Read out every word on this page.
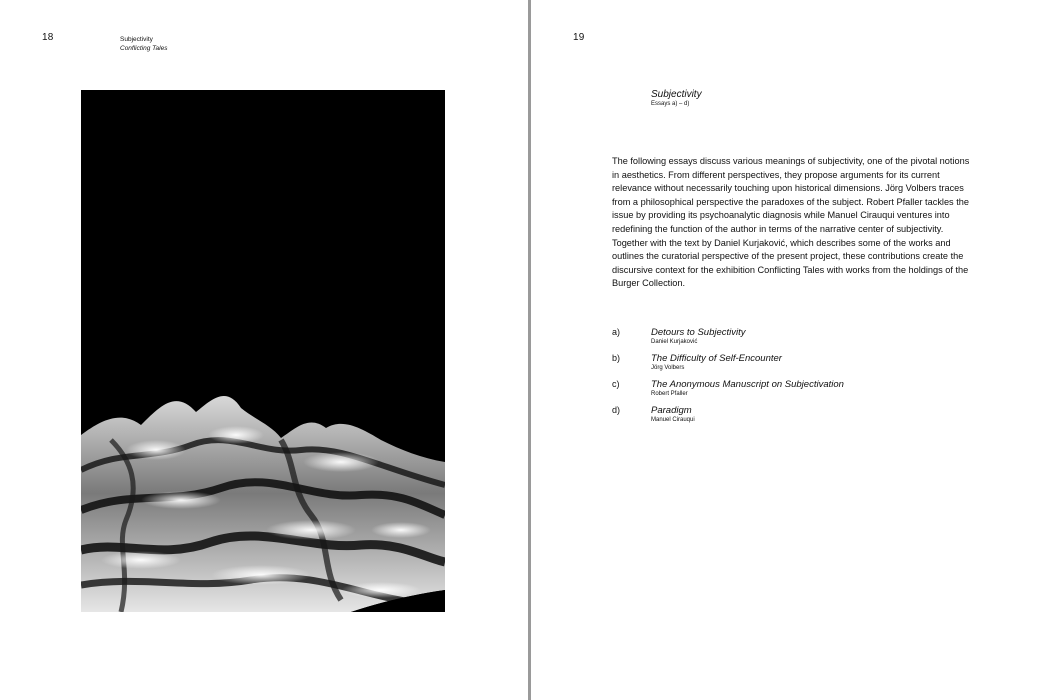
18	Subjectivity
Conflicting Tales
19
Subjectivity
Essays a) – d)

The following essays discuss various meanings of subjectivity, one of the pivotal notions in aesthetics. From different perspectives, they propose arguments for its current relevance without necessarily touching upon historical dimensions. Jörg Volbers traces from a philosophical perspective the paradoxes of the subject. Robert Pfaller tackles the issue by providing its psychoanalytic diagnosis while Manuel Cirauqui ventures into redefining the function of the author in terms of the narrative center of subjectivity. Together with the text by Daniel Kurjaković, which describes some of the works and outlines the curatorial perspective of the present project, these contributions create the discursive context for the exhibition Conflicting Tales with works from the holdings of the Burger Collection.

a)	Detours to Subjectivity
Daniel Kurjaković
b)	The Difficulty of Self-Encounter
Jörg Volbers
c)	The Anonymous Manuscript on Subjectivation
Robert Pfaller
d)	Paradigm
Manuel Cirauqui
